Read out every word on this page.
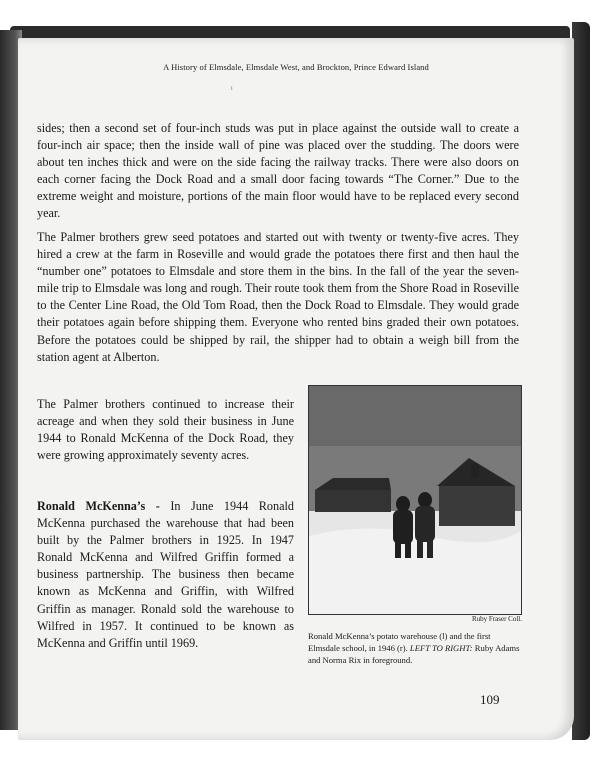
A History of Elmsdale, Elmsdale West, and Brockton, Prince Edward Island
i

sides; then a second set of four-inch studs was put in place against the outside wall to create a four-inch air space; then the inside wall of pine was placed over the studding. The doors were about ten inches thick and were on the side facing the railway tracks. There were also doors on each corner facing the Dock Road and a small door facing towards “The Corner.” Due to the extreme weight and moisture, portions of the main floor would have to be replaced every second year.

The Palmer brothers grew seed potatoes and started out with twenty or twenty-five acres. They hired a crew at the farm in Roseville and would grade the potatoes there first and then haul the “number one” potatoes to Elmsdale and store them in the bins. In the fall of the year the seven-mile trip to Elmsdale was long and rough. Their route took them from the Shore Road in Roseville to the Center Line Road, the Old Tom Road, then the Dock Road to Elmsdale. They would grade their potatoes again before shipping them. Everyone who rented bins graded their own potatoes. Before the potatoes could be shipped by rail, the shipper had to obtain a weigh bill from the station agent at Alberton.

The Palmer brothers continued to increase their acreage and when they sold their business in June 1944 to Ronald McKenna of the Dock Road, they were growing approximately seventy acres.

Ronald McKenna’s - In June 1944 Ronald McKenna purchased the warehouse that had been built by the Palmer brothers in 1925. In 1947 Ronald McKenna and Wilfred Griffin formed a business partnership. The business then became known as McKenna and Griffin, with Wilfred Griffin as manager. Ronald sold the warehouse to Wilfred in 1957. It continued to be known as McKenna and Griffin until 1969.

Ruby Fraser Coll.

Ronald McKenna’s potato warehouse (l) and the first Elmsdale school, in 1946 (r). LEFT TO RIGHT: Ruby Adams and Norma Rix in foreground.

109
